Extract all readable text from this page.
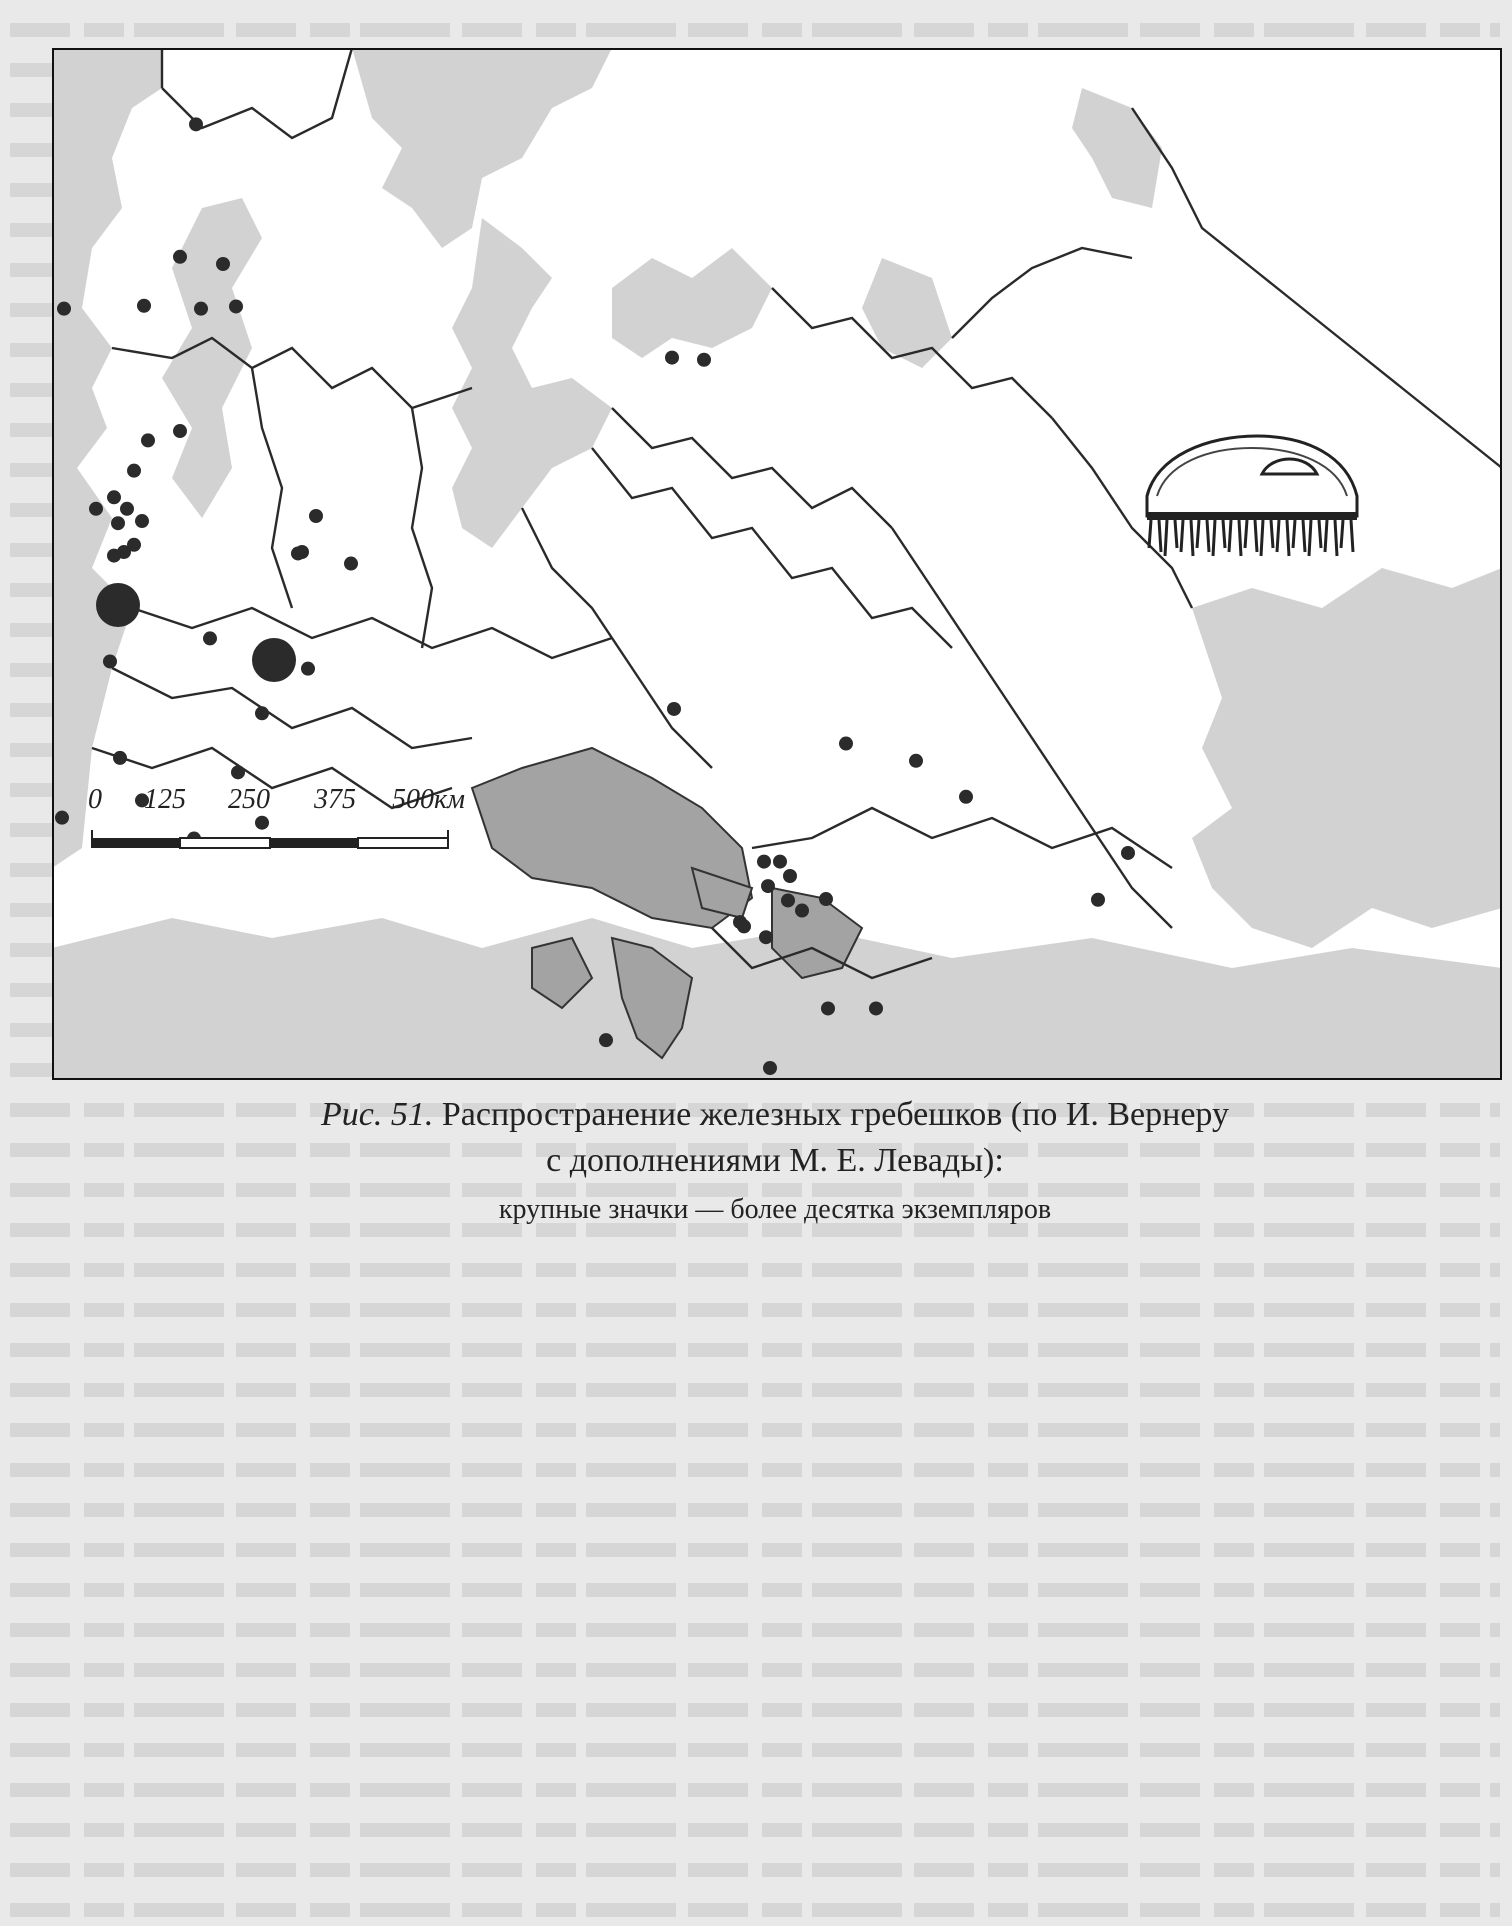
0 125 250 375 500км
Рис. 51. Распространение железных гребешков (по И. Вернеру
с дополнениями М. Е. Левады):
крупные значки — более десятка экземпляров
